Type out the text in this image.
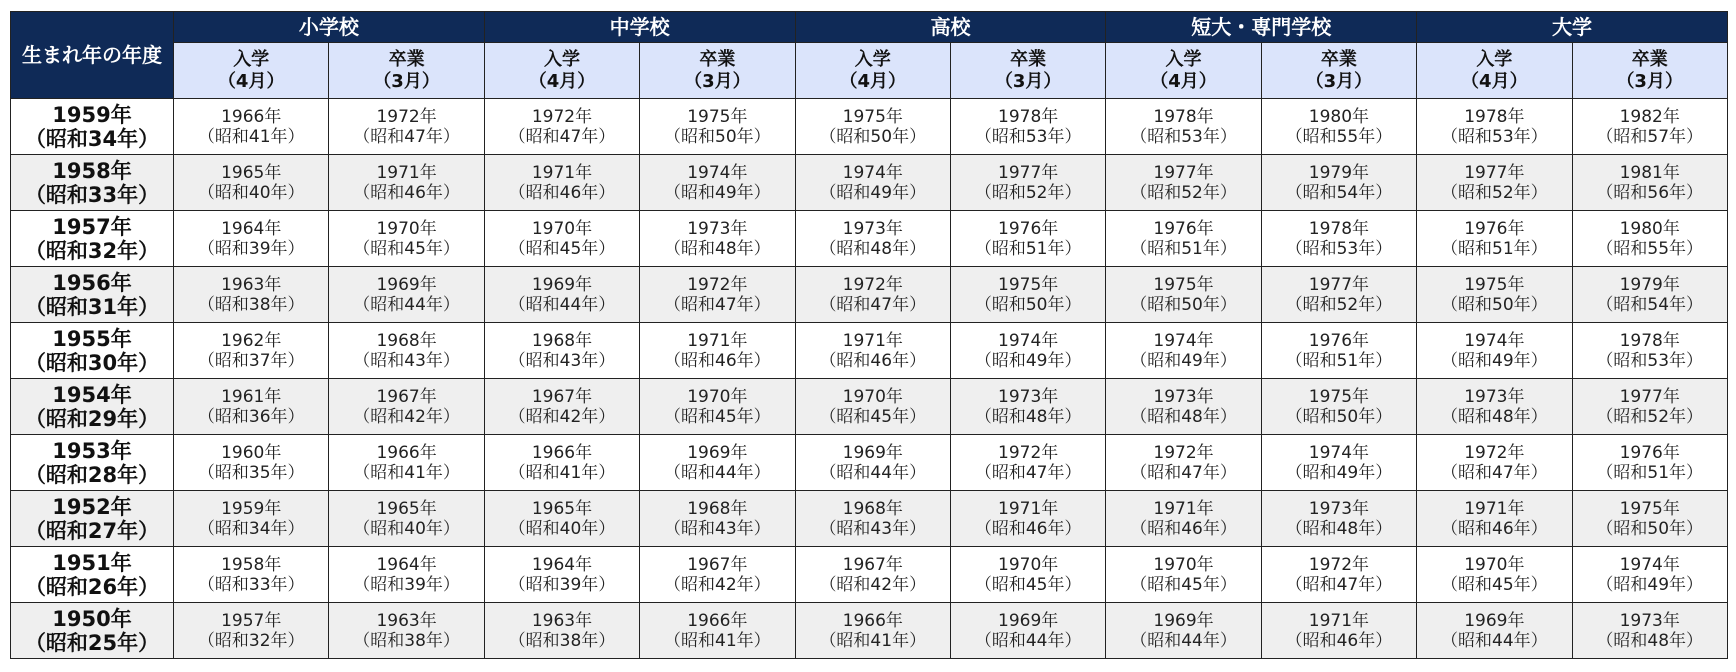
生まれ年の年度	小学校		中学校		高校		短大・専門学校		大学	

	入学
（4月）	卒業
（3月）	入学
（4月）	卒業
（3月）	入学
（4月）	卒業
（3月）	入学
（4月）	卒業
（3月）	入学
（4月）	卒業
（3月）

1959年
（昭和34年）	1966年
（昭和41年）	1972年
（昭和47年）	1972年
（昭和47年）	1975年
（昭和50年）	1975年
（昭和50年）	1978年
（昭和53年）	1978年
（昭和53年）	1980年
（昭和55年）	1978年
（昭和53年）	1982年
（昭和57年）

1958年
（昭和33年）	1965年
（昭和40年）	1971年
（昭和46年）	1971年
（昭和46年）	1974年
（昭和49年）	1974年
（昭和49年）	1977年
（昭和52年）	1977年
（昭和52年）	1979年
（昭和54年）	1977年
（昭和52年）	1981年
（昭和56年）

1957年
（昭和32年）	1964年
（昭和39年）	1970年
（昭和45年）	1970年
（昭和45年）	1973年
（昭和48年）	1973年
（昭和48年）	1976年
（昭和51年）	1976年
（昭和51年）	1978年
（昭和53年）	1976年
（昭和51年）	1980年
（昭和55年）

1956年
（昭和31年）	1963年
（昭和38年）	1969年
（昭和44年）	1969年
（昭和44年）	1972年
（昭和47年）	1972年
（昭和47年）	1975年
（昭和50年）	1975年
（昭和50年）	1977年
（昭和52年）	1975年
（昭和50年）	1979年
（昭和54年）

1955年
（昭和30年）	1962年
（昭和37年）	1968年
（昭和43年）	1968年
（昭和43年）	1971年
（昭和46年）	1971年
（昭和46年）	1974年
（昭和49年）	1974年
（昭和49年）	1976年
（昭和51年）	1974年
（昭和49年）	1978年
（昭和53年）

1954年
（昭和29年）	1961年
（昭和36年）	1967年
（昭和42年）	1967年
（昭和42年）	1970年
（昭和45年）	1970年
（昭和45年）	1973年
（昭和48年）	1973年
（昭和48年）	1975年
（昭和50年）	1973年
（昭和48年）	1977年
（昭和52年）

1953年
（昭和28年）	1960年
（昭和35年）	1966年
（昭和41年）	1966年
（昭和41年）	1969年
（昭和44年）	1969年
（昭和44年）	1972年
（昭和47年）	1972年
（昭和47年）	1974年
（昭和49年）	1972年
（昭和47年）	1976年
（昭和51年）

1952年
（昭和27年）	1959年
（昭和34年）	1965年
（昭和40年）	1965年
（昭和40年）	1968年
（昭和43年）	1968年
（昭和43年）	1971年
（昭和46年）	1971年
（昭和46年）	1973年
（昭和48年）	1971年
（昭和46年）	1975年
（昭和50年）

1951年
（昭和26年）	1958年
（昭和33年）	1964年
（昭和39年）	1964年
（昭和39年）	1967年
（昭和42年）	1967年
（昭和42年）	1970年
（昭和45年）	1970年
（昭和45年）	1972年
（昭和47年）	1970年
（昭和45年）	1974年
（昭和49年）

1950年
（昭和25年）	1957年
（昭和32年）	1963年
（昭和38年）	1963年
（昭和38年）	1966年
（昭和41年）	1966年
（昭和41年）	1969年
（昭和44年）	1969年
（昭和44年）	1971年
（昭和46年）	1969年
（昭和44年）	1973年
（昭和48年）
